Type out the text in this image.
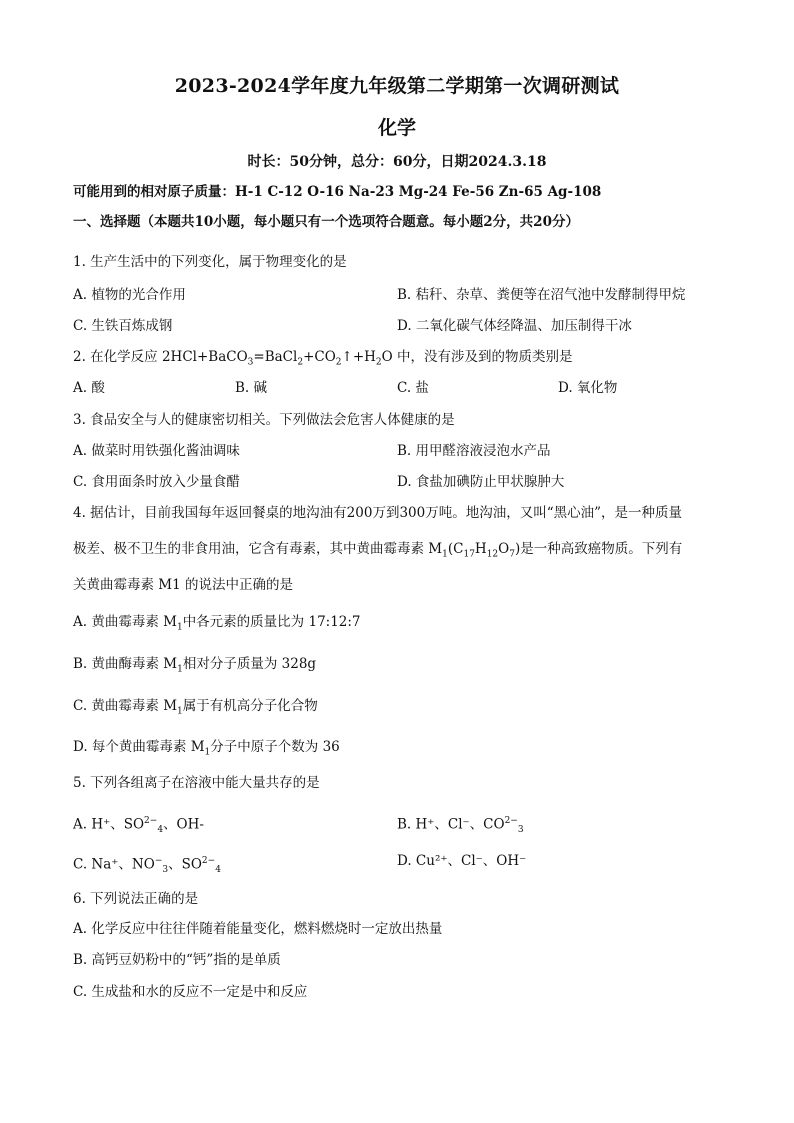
2023-2024学年度九年级第二学期第一次调研测试
化学
时长：50分钟，总分：60分，日期2024.3.18
可能用到的相对原子质量：H-1 C-12 O-16 Na-23 Mg-24 Fe-56 Zn-65 Ag-108
一、选择题（本题共10小题，每小题只有一个选项符合题意。每小题2分，共20分）
1. 生产生活中的下列变化，属于物理变化的是
A. 植物的光合作用	B. 秸秆、杂草、粪便等在沼气池中发酵制得甲烷
C. 生铁百炼成钢	D. 二氧化碳气体经降温、加压制得干冰
2. 在化学反应 $2HCl+BaCO_3=BaCl_2+CO_2↑+H_2O$ 中，没有涉及到的物质类别是
A. 酸	B. 碱	C. 盐	D. 氧化物
3. 食品安全与人的健康密切相关。下列做法会危害人体健康的是
A. 做菜时用铁强化酱油调味	B. 用甲醛溶液浸泡水产品
C. 食用面条时放入少量食醋	D. 食盐加碘防止甲状腺肿大
4. 据估计，目前我国每年返回餐桌的地沟油有200万到300万吨。地沟油，又叫“黑心油”，是一种质量
极差、极不卫生的非食用油，它含有毒素，其中黄曲霉毒素 $M_1(C_{17}H_{12}O_7)$是一种高致癌物质。下列有
关黄曲霉毒素 M1 的说法中正确的是
A. 黄曲霉毒素 $M_1$中各元素的质量比为 17:12:7
B. 黄曲酶毒素 $M_1$相对分子质量为 328g
C. 黄曲霉毒素 $M_1$属于有机高分子化合物
D. 每个黄曲霉毒素 $M_1$分子中原子个数为 36
5. 下列各组离子在溶液中能大量共存的是
A. H⁺、$SO^{2-}_4$、OH-	B. H⁺、Cl⁻、$CO^{2-}_3$
C. Na⁺、$NO^-_3$、$SO^{2-}_4$
D. Cu²⁺、Cl⁻、OH⁻
6. 下列说法正确的是
A. 化学反应中往往伴随着能量变化，燃料燃烧时一定放出热量
B. 高钙豆奶粉中的“钙”指的是单质
C. 生成盐和水的反应不一定是中和反应
